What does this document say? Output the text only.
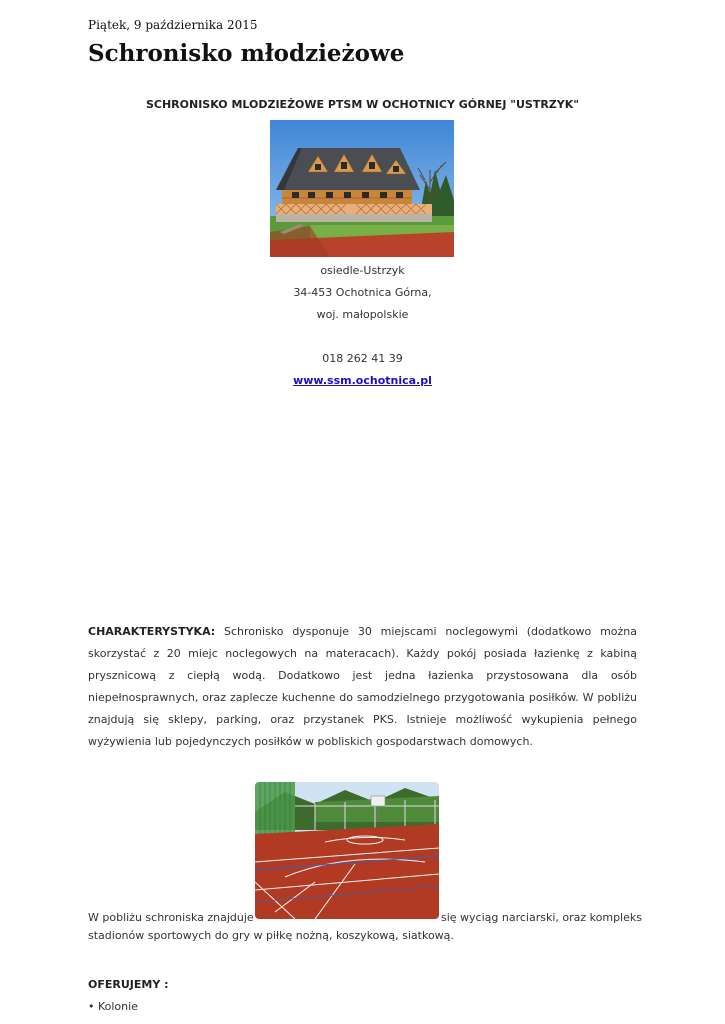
Piątek, 9 października 2015
Schronisko młodzieżowe
SCHRONISKO MLODZIEŻOWE PTSM W OCHOTNICY GÓRNEJ "USTRZYK"
osiedle-Ustrzyk
34-453 Ochotnica Górna,
woj. małopolskie
018 262 41 39
www.ssm.ochotnica.pl

CHARAKTERYSTYKA: Schronisko dysponuje 30 miejscami noclegowymi (dodatkowo można skorzystać z 20 miejc noclegowych na materacach). Każdy pokój posiada łazienkę z kabiną prysznicową z ciepłą wodą. Dodatkowo jest jedna łazienka przystosowana dla osób niepełnosprawnych, oraz zaplecze kuchenne do samodzielnego przygotowania posiłków. W pobliżu znajdują się sklepy, parking, oraz przystanek PKS. Istnieje możliwość wykupienia pełnego wyżywienia lub pojedynczych posiłków w pobliskich gospodarstwach domowych.

W pobliżu schroniska znajduje	się wyciąg narciarski, oraz kompleks
stadionów sportowych do gry w piłkę nożną, koszykową, siatkową.
OFERUJEMY :
• Kolonie
